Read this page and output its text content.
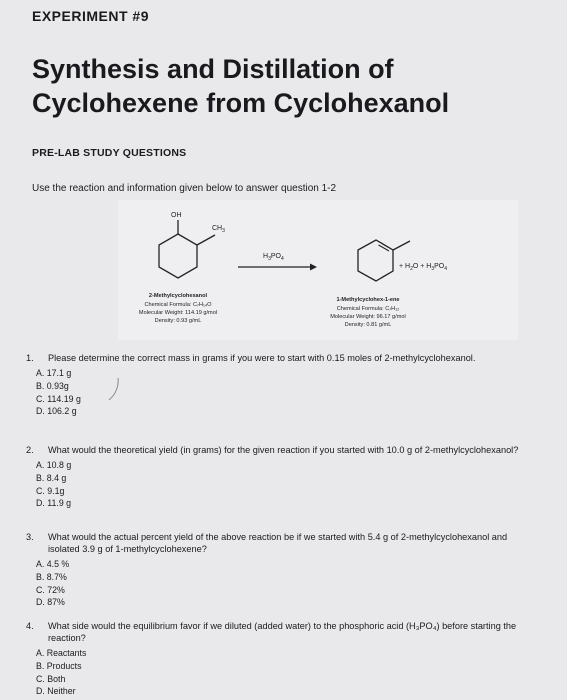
EXPERIMENT #9
Synthesis and Distillation of
Cyclohexene from Cyclohexanol
PRE-LAB STUDY QUESTIONS
Use the reaction and information given below to answer question 1-2
OH
$CH_3$
$H_3PO_4$
+ $H_2O + H_3PO_4$
2-Methylcyclohexanol
Chemical Formula: C₇H₁₄O
Molecular Weight: 114.19 g/mol
Density: 0.93 g/mL
1-Methylcyclohex-1-ene
Chemical Formula: C₇H₁₂
Molecular Weight: 96.17 g/mol
Density: 0.81 g/mL
1. Please determine the correct mass in grams if you were to start with 0.15 moles of 2-methylcyclohexanol.
A. 17.1 g
B. 0.93g
C. 114.19 g
D. 106.2 g
2. What would the theoretical yield (in grams) for the given reaction if you started with 10.0 g of 2-methylcyclohexanol?
A. 10.8 g
B. 8.4 g
C. 9.1g
D. 11.9 g
3. What would the actual percent yield of the above reaction be if we started with 5.4 g of 2-methylcyclohexanol and
isolated 3.9 g of 1-methylcyclohexene?
A. 4.5 %
B. 8.7%
C. 72%
D. 87%
4. What side would the equilibrium favor if we diluted (added water) to the phosphoric acid (H₃PO₄) before starting the
reaction?
A. Reactants
B. Products
C. Both
D. Neither
